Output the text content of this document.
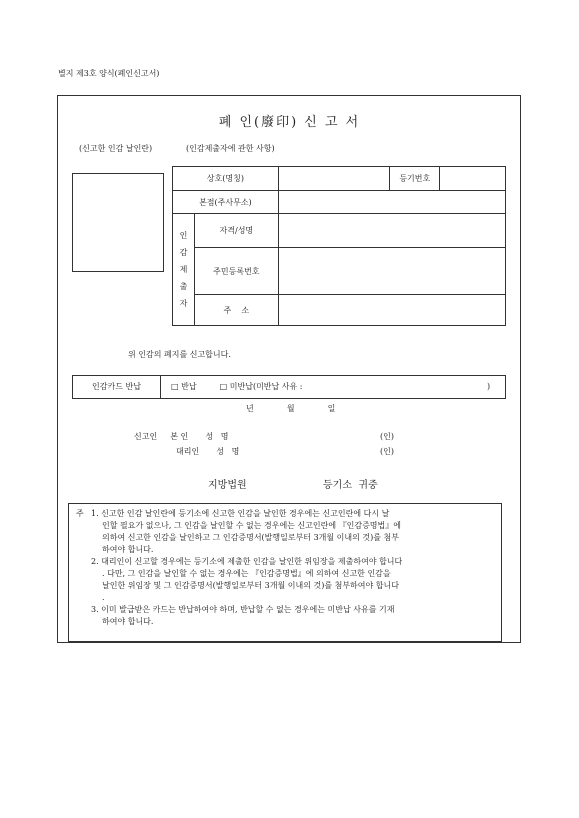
별지 제3호 양식(폐인신고서)
폐 인(廢印) 신 고 서
(신고한 인감 날인란)	(인감제출자에 관한 사항)
상호(명칭)			등기번호	
본점(주사무소)				

인
감
제
출
자	자격/성명			
	주민등록번호			
	주    소			
위 인감의 폐지를 신고합니다.
인감카드 반납	□ 반납	□ 미반납(미반납 사유 :	)
년	월	일
신고인 본 인 성   명	(인)
대리인 성   명	(인)
지방법원	등기소  귀중
주 1. 신고한 인감 날인란에 등기소에 신고한 인감을 날인한 경우에는 신고인란에 다시 날
인할 필요가 없으나, 그 인감을 날인할 수 없는 경우에는 신고인란에 『인감증명법』에
의하여 신고한 인감을 날인하고 그 인감증명서(발행일로부터 3개월 이내의 것)를 첨부
하여야 합니다.
2. 대리인이 신고할 경우에는 등기소에 제출한 인감을 날인한 위임장을 제출하여야 합니다
. 다만, 그 인감을 날인할 수 없는 경우에는 『인감증명법』에 의하여 신고한 인감을
날인한 위임장 및 그 인감증명서(발행일로부터 3개월 이내의 것)를 첨부하여야 합니다
.
3. 이미 발급받은 카드는 반납하여야 하며, 반납할 수 없는 경우에는 미반납 사유를 기재
하여야 합니다.
